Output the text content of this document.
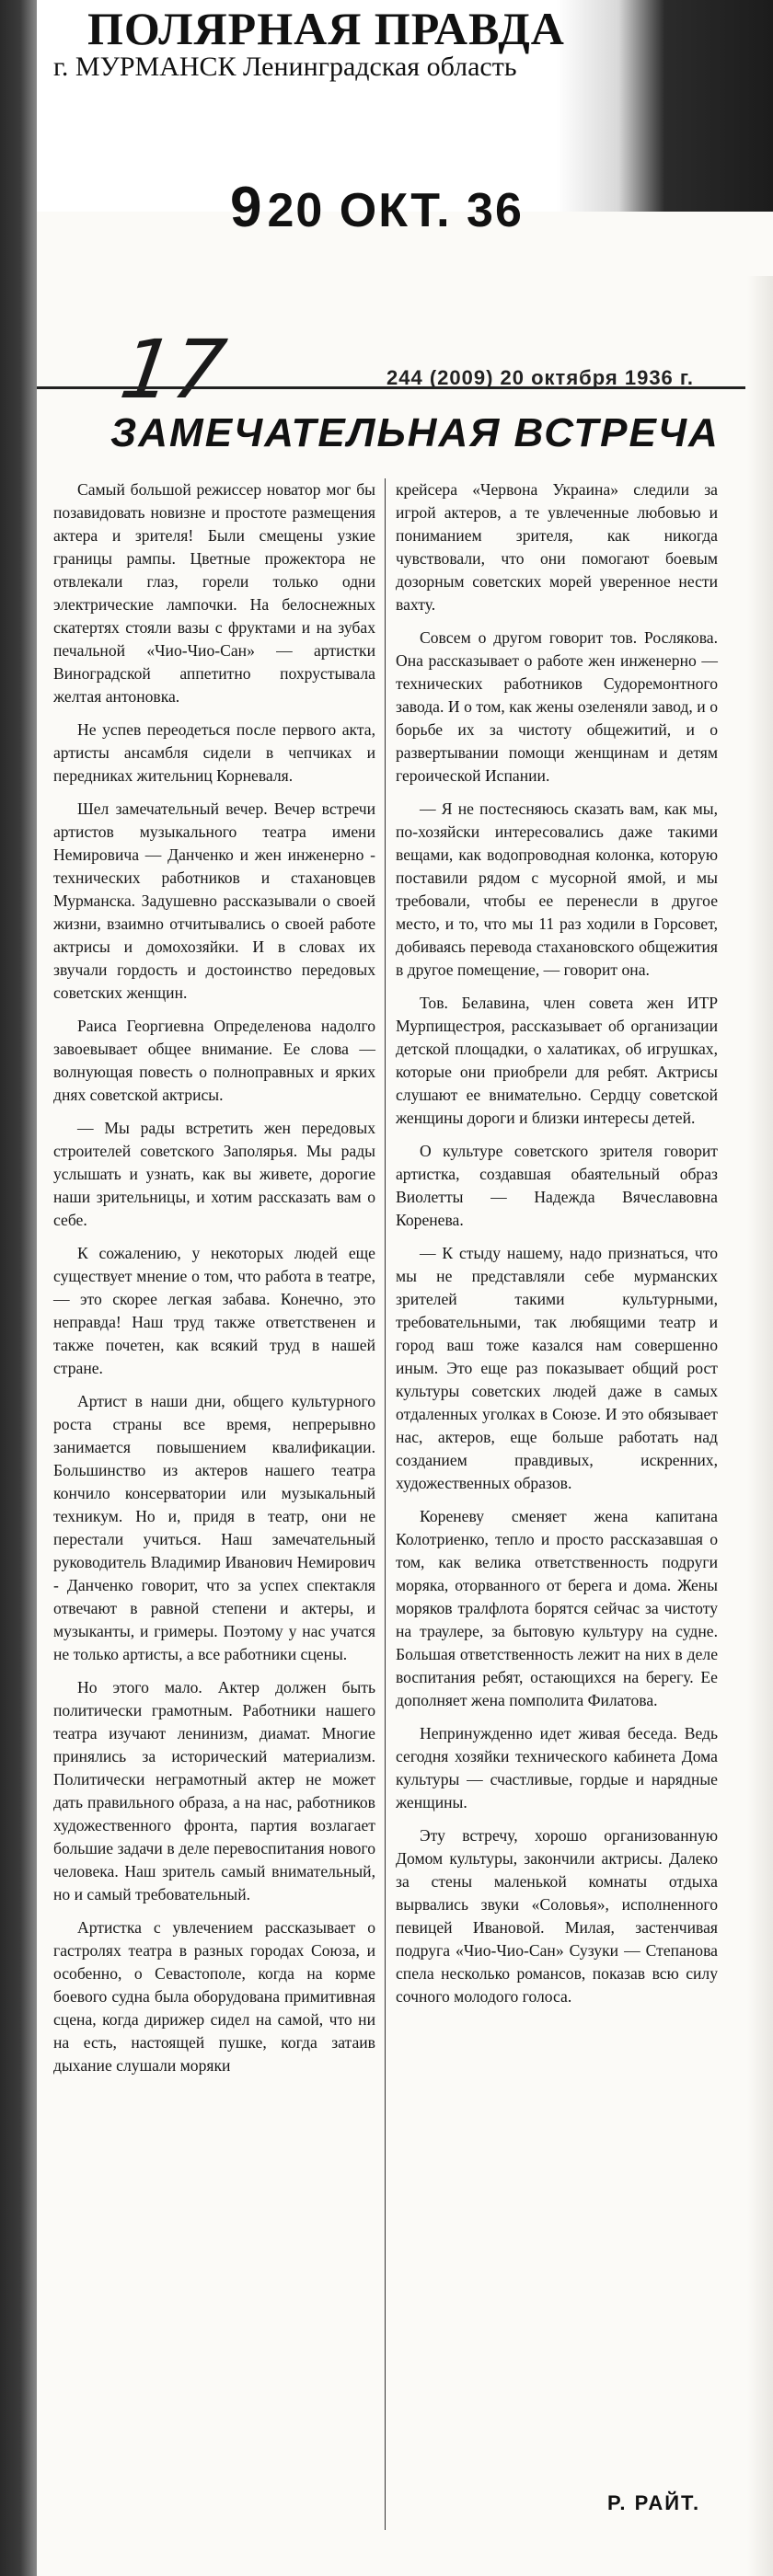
ПОЛЯРНАЯ ПРАВДА
г. МУРМАНСК Ленинградская область
920 ОКТ. 36
17	244 (2009) 20 октября 1936 г.
ЗАМЕЧАТЕЛЬНАЯ ВСТРЕЧА

Самый большой режиссер новатор мог бы позавидовать новизне и простоте размещения актера и зрителя! Были смещены узкие границы рампы. Цветные прожектора не отвлекали глаз, горели только одни электрические лампочки. На белоснежных скатертях стояли вазы с фруктами и на зубах печальной «Чио-Чио-Сан» — артистки Виноградской аппетитно похрустывала желтая антоновка.

Не успев переодеться после первого акта, артисты ансамбля сидели в чепчиках и передниках жительниц Корневаля.

Шел замечательный вечер. Вечер встречи артистов музыкального театра имени Немировича — Данченко и жен инженерно - технических работников и стахановцев Мурманска. Задушевно рассказывали о своей жизни, взаимно отчитывались о своей работе актрисы и домохозяйки. И в словах их звучали гордость и достоинство передовых советских женщин.

Раиса Георгиевна Определенова надолго завоевывает общее внимание. Ее слова — волнующая повесть о полноправных и ярких днях советской актрисы.

— Мы рады встретить жен передовых строителей советского Заполярья. Мы рады услышать и узнать, как вы живете, дорогие наши зрительницы, и хотим рассказать вам о себе.

К сожалению, у некоторых людей еще существует мнение о том, что работа в театре, — это скорее легкая забава. Конечно, это неправда! Наш труд также ответственен и также почетен, как всякий труд в нашей стране.

Артист в наши дни, общего культурного роста страны все время, непрерывно занимается повышением квалификации. Большинство из актеров нашего театра кончило консерватории или музыкальный техникум. Но и, придя в театр, они не перестали учиться. Наш замечательный руководитель Владимир Иванович Немирович - Данченко говорит, что за успех спектакля отвечают в равной степени и актеры, и музыканты, и гримеры. Поэтому у нас учатся не только артисты, а все работники сцены.

Но этого мало. Актер должен быть политически грамотным. Работники нашего театра изучают ленинизм, диамат. Многие принялись за исторический материализм. Политически неграмотный актер не может дать правильного образа, а на нас, работников художественного фронта, партия возлагает большие задачи в деле перевоспитания нового человека. Наш зритель самый внимательный, но и самый требовательный.

Артистка с увлечением рассказывает о гастролях театра в разных городах Союза, и особенно, о Севастополе, когда на корме боевого судна была оборудована примитивная сцена, когда дирижер сидел на самой, что ни на есть, настоящей пушке, когда затаив дыхание слушали моряки

крейсера «Червона Украина» следили за игрой актеров, а те увлеченные любовью и пониманием зрителя, как никогда чувствовали, что они помогают боевым дозорным советских морей уверенное нести вахту.

Совсем о другом говорит тов. Рослякова. Она рассказывает о работе жен инженерно — технических работников Судоремонтного завода. И о том, как жены озеленяли завод, и о борьбе их за чистоту общежитий, и о развертывании помощи женщинам и детям героической Испании.

— Я не постесняюсь сказать вам, как мы, по-хозяйски интересовались даже такими вещами, как водопроводная колонка, которую поставили рядом с мусорной ямой, и мы требовали, чтобы ее перенесли в другое место, и то, что мы 11 раз ходили в Горсовет, добиваясь перевода стахановского общежития в другое помещение, — говорит она.

Тов. Белавина, член совета жен ИТР Мурпищестроя, рассказывает об организации детской площадки, о халатиках, об игрушках, которые они приобрели для ребят. Актрисы слушают ее внимательно. Сердцу советской женщины дороги и близки интересы детей.

О культуре советского зрителя говорит артистка, создавшая обаятельный образ Виолетты — Надежда Вячеславовна Коренева.

— К стыду нашему, надо признаться, что мы не представляли себе мурманских зрителей такими культурными, требовательными, так любящими театр и город ваш тоже казался нам совершенно иным. Это еще раз показывает общий рост культуры советских людей даже в самых отдаленных уголках в Союзе. И это обязывает нас, актеров, еще больше работать над созданием правдивых, искренних, художественных образов.

Кореневу сменяет жена капитана Колотриенко, тепло и просто рассказавшая о том, как велика ответственность подруги моряка, оторванного от берега и дома. Жены моряков тралфлота борятся сейчас за чистоту на траулере, за бытовую культуру на судне. Большая ответственность лежит на них в деле воспитания ребят, остающихся на берегу. Ее дополняет жена помполита Филатова.

Непринужденно идет живая беседа. Ведь сегодня хозяйки технического кабинета Дома культуры — счастливые, гордые и нарядные женщины.

Эту встречу, хорошо организованную Домом культуры, закончили актрисы. Далеко за стены маленькой комнаты отдыха вырвались звуки «Соловья», исполненного певицей Ивановой. Милая, застенчивая подруга «Чио-Чио-Сан» Сузуки — Степанова спела несколько романсов, показав всю силу сочного молодого голоса.

Р. РАЙТ.
